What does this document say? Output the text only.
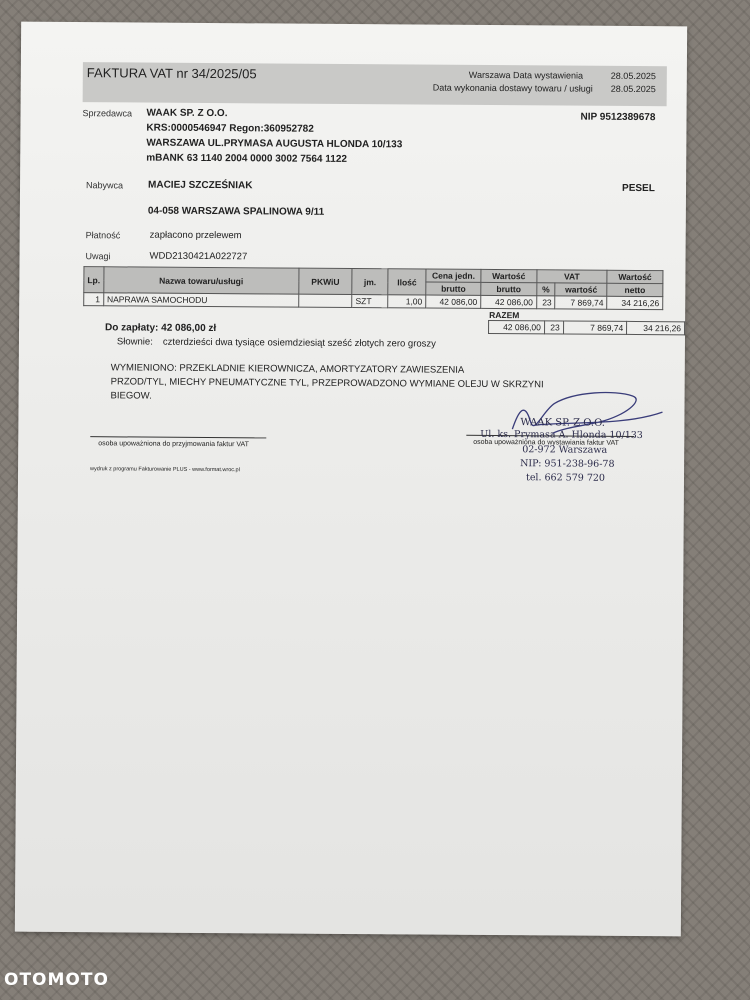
FAKTURA VAT nr 34/2025/05	Warszawa Data wystawienia	28.05.2025
Data wykonania dostawy towaru / usługi 28.05.2025
Sprzedawca WAAK SP. Z O.O.
KRS:0000546947 Regon:360952782
WARSZAWA UL.PRYMASA AUGUSTA HLONDA 10/133
mBANK 63 1140 2004 0000 3002 7564 1122
NIP 9512389678
Nabywca MACIEJ SZCZEŚNIAK	PESEL
04-058 WARSZAWA SPALINOWA 9/11
Płatność	zapłacono przelewem
Uwagi	WDD2130421A022727
Lp.	Nazwa towaru/usługi	PKWiU	jm.	Ilość	Cena jedn.	Wartość	VAT		Wartość
					brutto	brutto	%	wartość	netto
1	NAPRAWA SAMOCHODU		SZT	1,00	42 086,00	42 086,00	23	7 869,74	34 216,26
RAZEM
42 086,00	23	7 869,74	34 216,26
Do zapłaty: 42 086,00 zł
Słownie: czterdzieści dwa tysiące osiemdziesiąt sześć złotych zero groszy
WYMIENIONO: PRZEKLADNIE KIEROWNICZA, AMORTYZATORY ZAWIESZENIA
PRZOD/TYL, MIECHY PNEUMATYCZNE TYL, PRZEPROWADZONO WYMIANE OLEJU W SKRZYNI
BIEGOW.
osoba upoważniona do przyjmowania faktur VAT	osoba upoważniona do wystawiania faktur VAT
WAAK SP. Z O.O.
Ul. ks. Prymasa A. Hlonda 10/133
02-972 Warszawa
NIP: 951-238-96-78
tel. 662 579 720
wydruk z programu Fakturowanie PLUS - www.format.wroc.pl
OTOMOTO
